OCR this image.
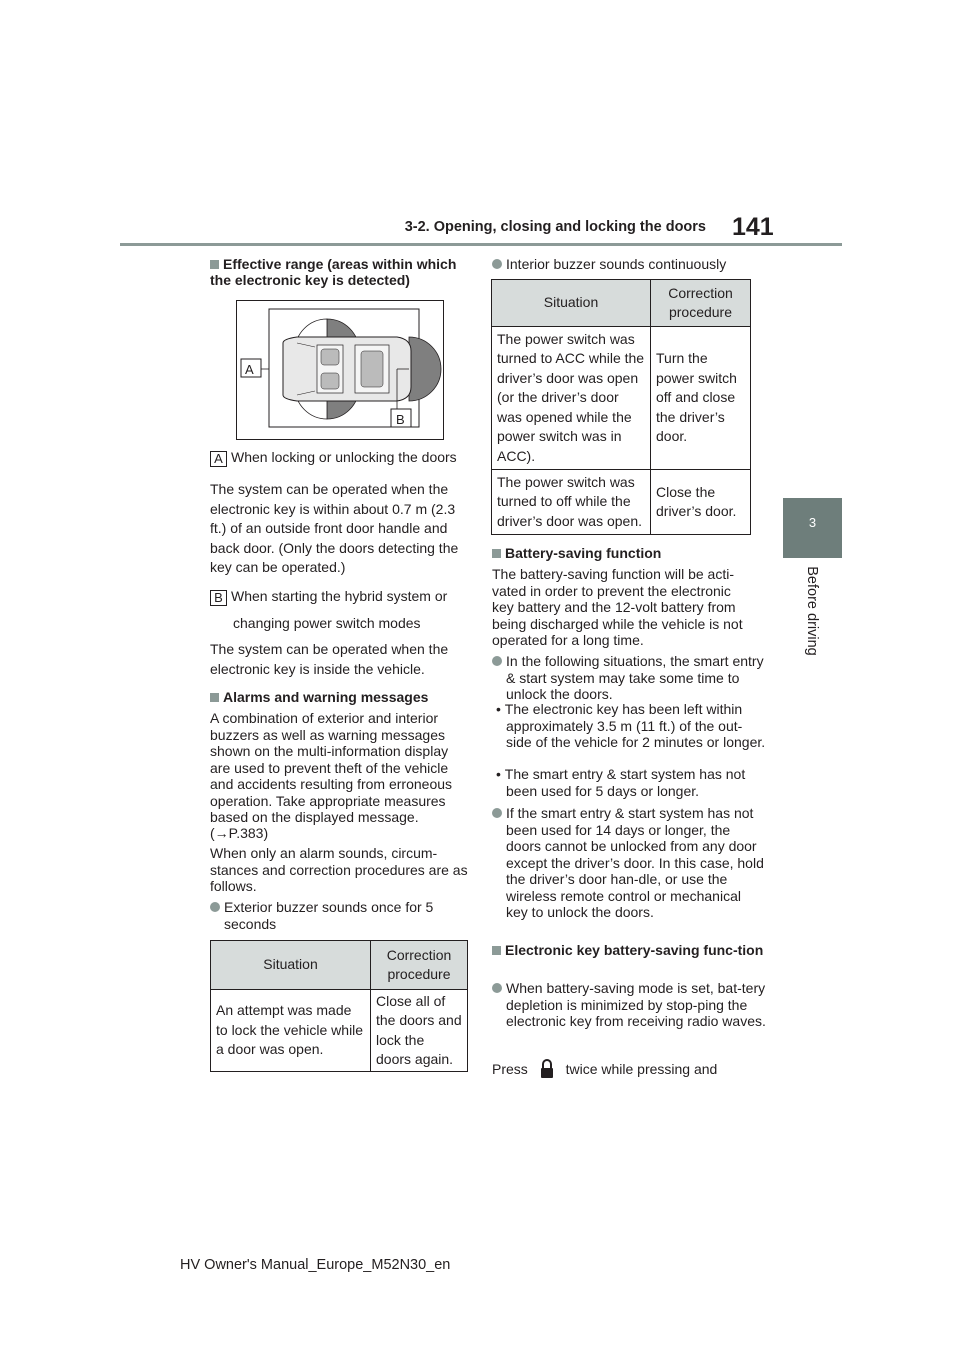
3-2. Opening, closing and locking the doors 141
3
Before driving
Effective range (areas within which the electronic key is detected)
A
B
A When locking or unlocking the doors
The system can be operated when the electronic key is within about 0.7 m (2.3 ft.) of an outside front door handle and back door. (Only the doors detecting the key can be operated.)
B When starting the hybrid system or
changing power switch modes
The system can be operated when the electronic key is inside the vehicle.
Alarms and warning messages
A combination of exterior and interior buzzers as well as warning messages shown on the multi-information display are used to prevent theft of the vehicle and accidents resulting from erroneous operation. Take appropriate measures based on the displayed message.
(→P.383)
When only an alarm sounds, circum-stances and correction procedures are as follows.
Exterior buzzer sounds once for 5 seconds
Situation	Correction procedure
An attempt was made to lock the vehicle while a door was open.	Close all of the doors and lock the doors again.
Interior buzzer sounds continuously
Situation	Correction procedure
The power switch was turned to ACC while the driver’s door was open (or the driver’s door was opened while the power switch was in ACC).	Turn the power switch off and close the driver’s door.
The power switch was turned to off while the driver’s door was open.	Close the driver’s door.
Battery-saving function
The battery-saving function will be acti-vated in order to prevent the electronic key battery and the 12-volt battery from being discharged while the vehicle is not operated for a long time.
In the following situations, the smart entry & start system may take some time to unlock the doors.
• The electronic key has been left within approximately 3.5 m (11 ft.) of the out-side of the vehicle for 2 minutes or longer.
• The smart entry & start system has not been used for 5 days or longer.
If the smart entry & start system has not been used for 14 days or longer, the doors cannot be unlocked from any door except the driver’s door. In this case, hold the driver’s door han-dle, or use the wireless remote control or mechanical key to unlock the doors.
Electronic key battery-saving func-tion
When battery-saving mode is set, bat-tery depletion is minimized by stop-ping the electronic key from receiving radio waves.
Press	twice while pressing and
HV Owner's Manual_Europe_M52N30_en
